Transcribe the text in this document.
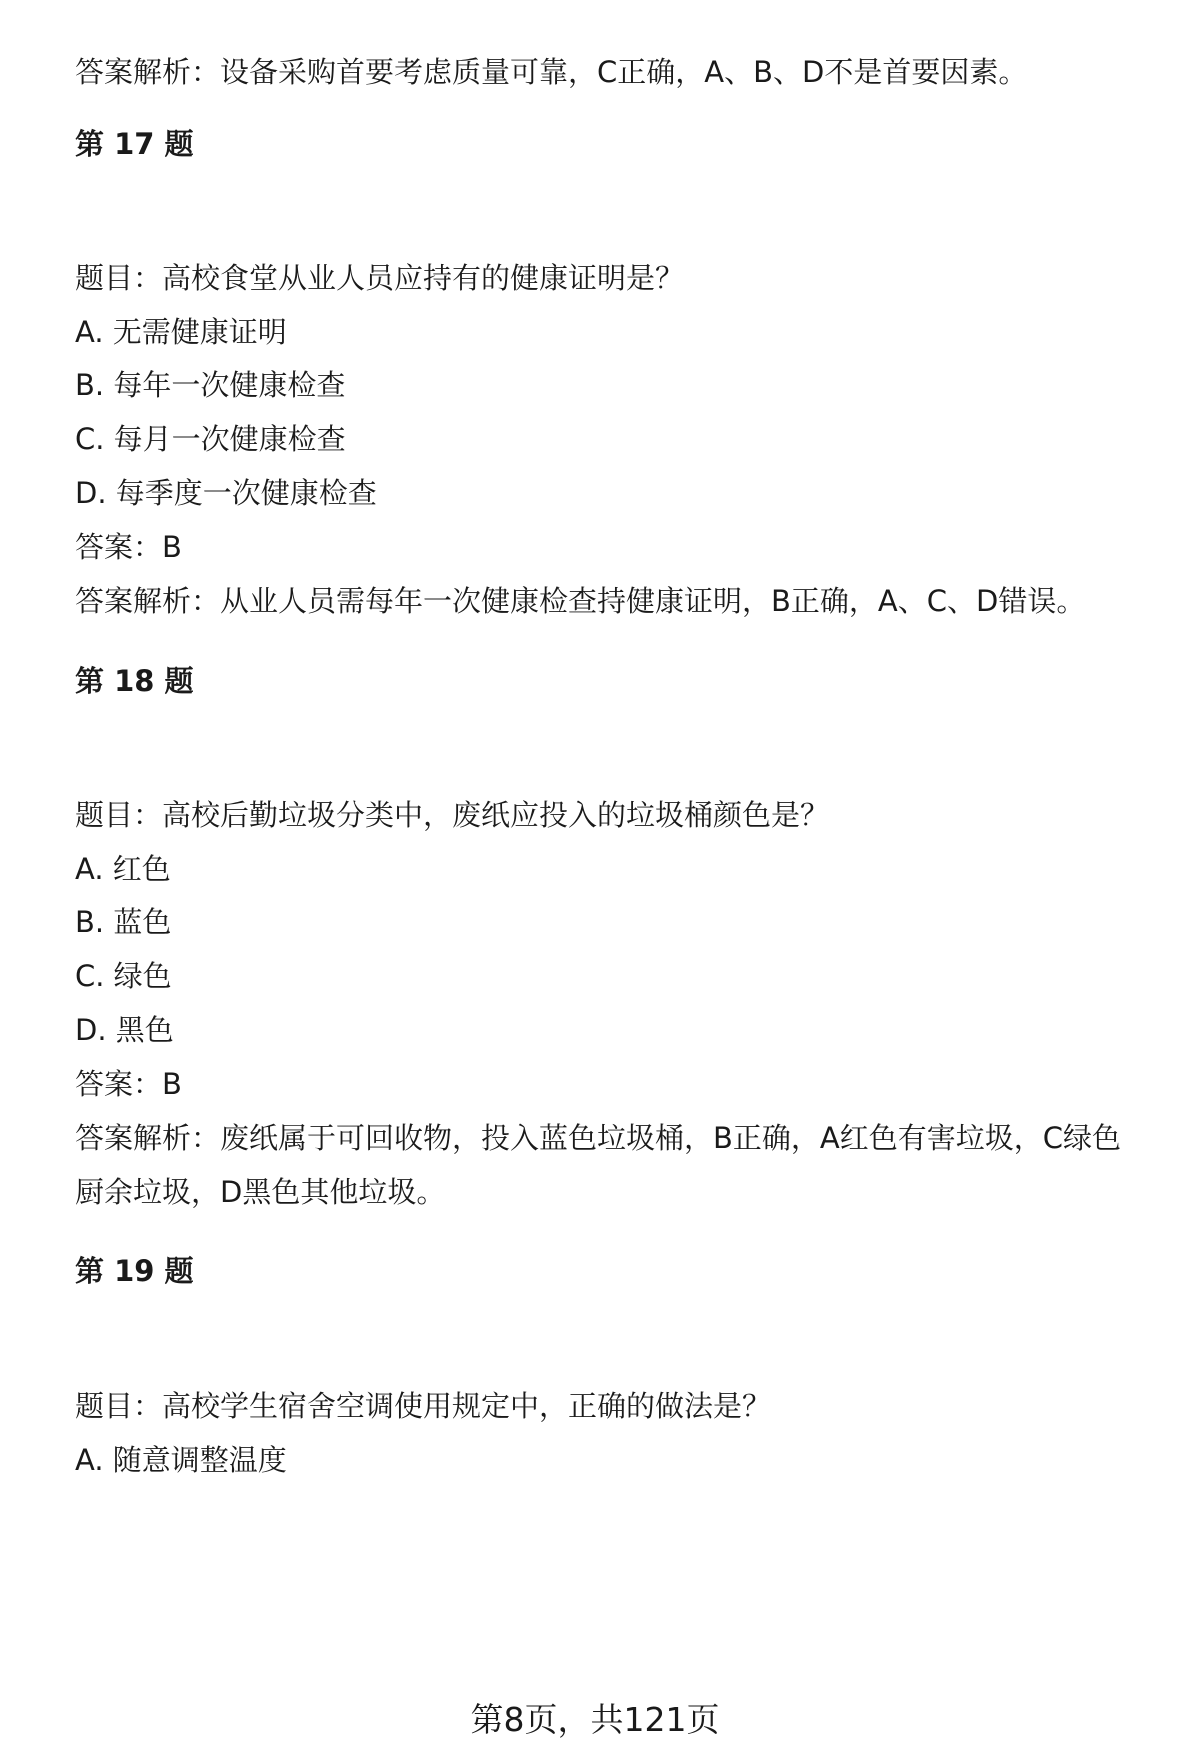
答案解析：设备采购首要考虑质量可靠，C正确，A、B、D不是首要因素。
第 17 题
题目：高校食堂从业人员应持有的健康证明是？
A. 无需健康证明
B. 每年一次健康检查
C. 每月一次健康检查
D. 每季度一次健康检查
答案：B
答案解析：从业人员需每年一次健康检查持健康证明，B正确，A、C、D错误。
第 18 题
题目：高校后勤垃圾分类中，废纸应投入的垃圾桶颜色是？
A. 红色
B. 蓝色
C. 绿色
D. 黑色
答案：B
答案解析：废纸属于可回收物，投入蓝色垃圾桶，B正确，A红色有害垃圾，C绿色
厨余垃圾，D黑色其他垃圾。
第 19 题
题目：高校学生宿舍空调使用规定中，正确的做法是？
A. 随意调整温度
第8页，共121页
